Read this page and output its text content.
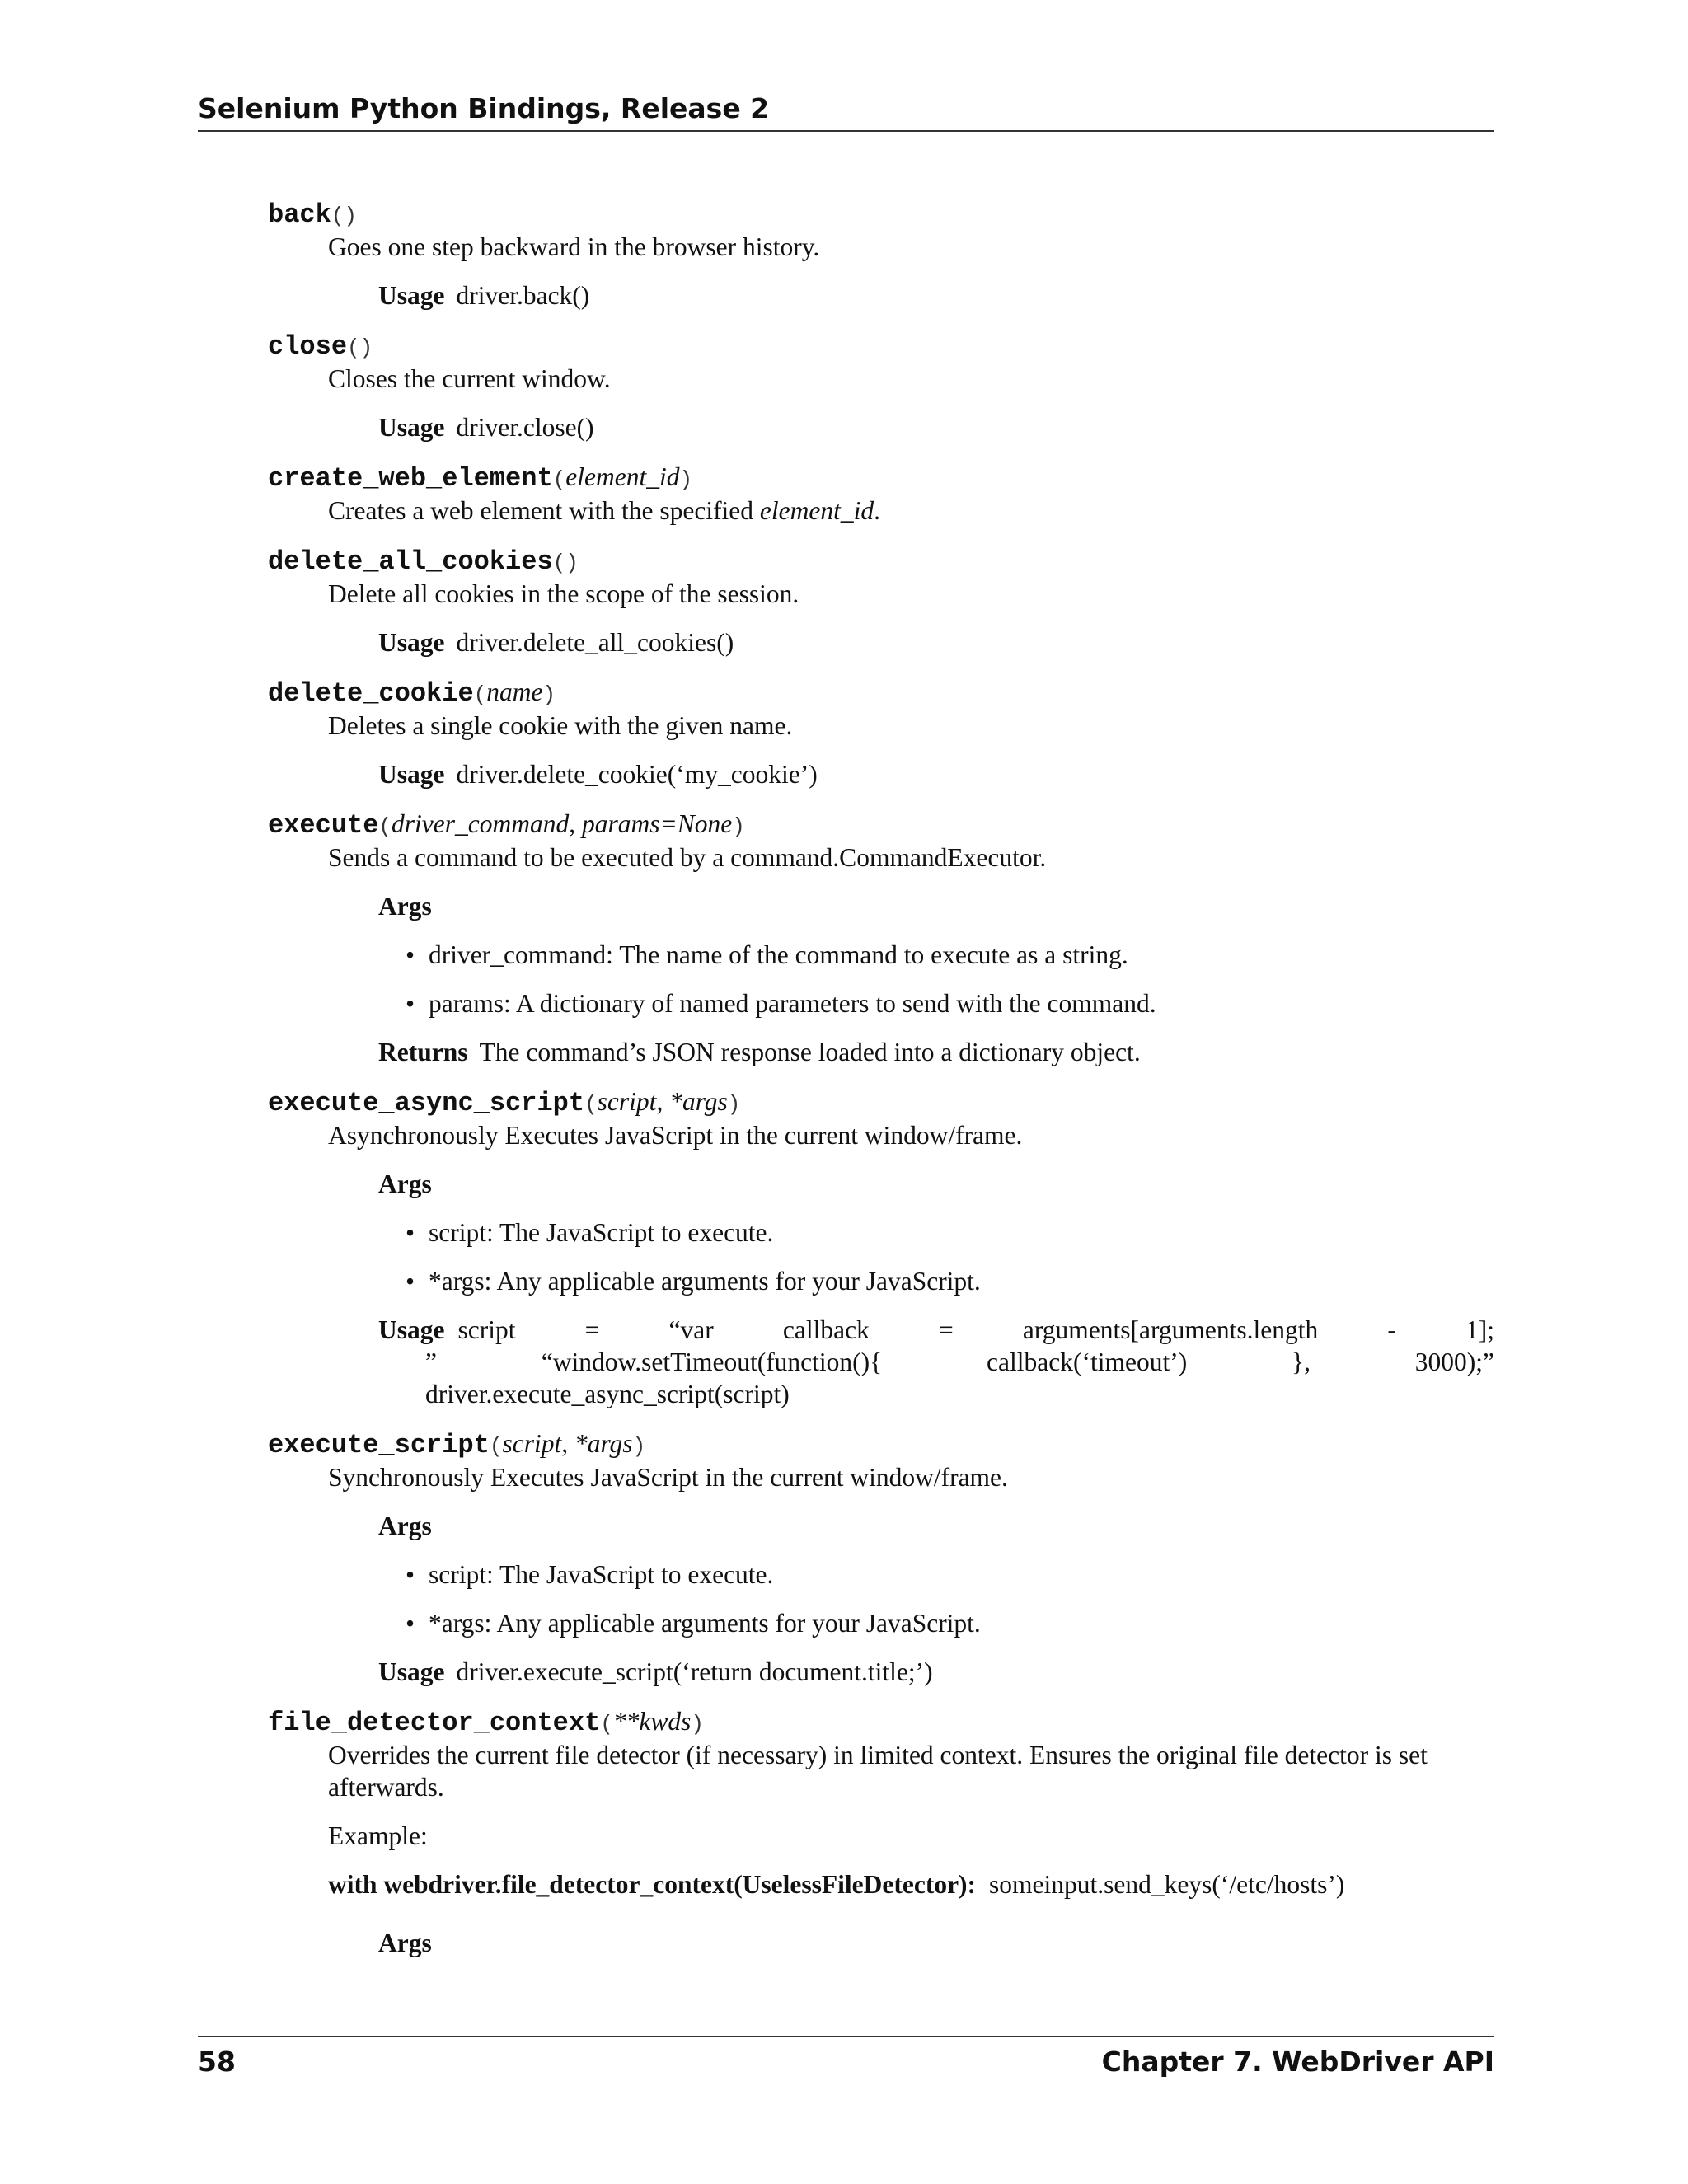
Selenium Python Bindings, Release 2
back()

Goes one step backward in the browser history.

Usage driver.back()
close()

Closes the current window.

Usage driver.close()
create_web_element(element_id)

Creates a web element with the specified element_id.

delete_all_cookies()

Delete all cookies in the scope of the session.

Usage driver.delete_all_cookies()
delete_cookie(name)

Deletes a single cookie with the given name.

Usage driver.delete_cookie(‘my_cookie’)
execute(driver_command, params=None)

Sends a command to be executed by a command.CommandExecutor.

Args
• driver_command: The name of the command to execute as a string.
• params: A dictionary of named parameters to send with the command.
Returns The command’s JSON response loaded into a dictionary object.
execute_async_script(script, *args)

Asynchronously Executes JavaScript in the current window/frame.

Args
• script: The JavaScript to execute.
• *args: Any applicable arguments for your JavaScript.
Usage script = “var callback = arguments[arguments.length - 1];
” “window.setTimeout(function(){ callback(‘timeout’) }, 3000);”
driver.execute_async_script(script)
execute_script(script, *args)

Synchronously Executes JavaScript in the current window/frame.

Args
• script: The JavaScript to execute.
• *args: Any applicable arguments for your JavaScript.
Usage driver.execute_script(‘return document.title;’)
file_detector_context(**kwds)

Overrides the current file detector (if necessary) in limited context. Ensures the original file detector is set afterwards.

Example:

with webdriver.file_detector_context(UselessFileDetector): someinput.send_keys(‘/etc/hosts’)
Args
58	Chapter 7. WebDriver API
